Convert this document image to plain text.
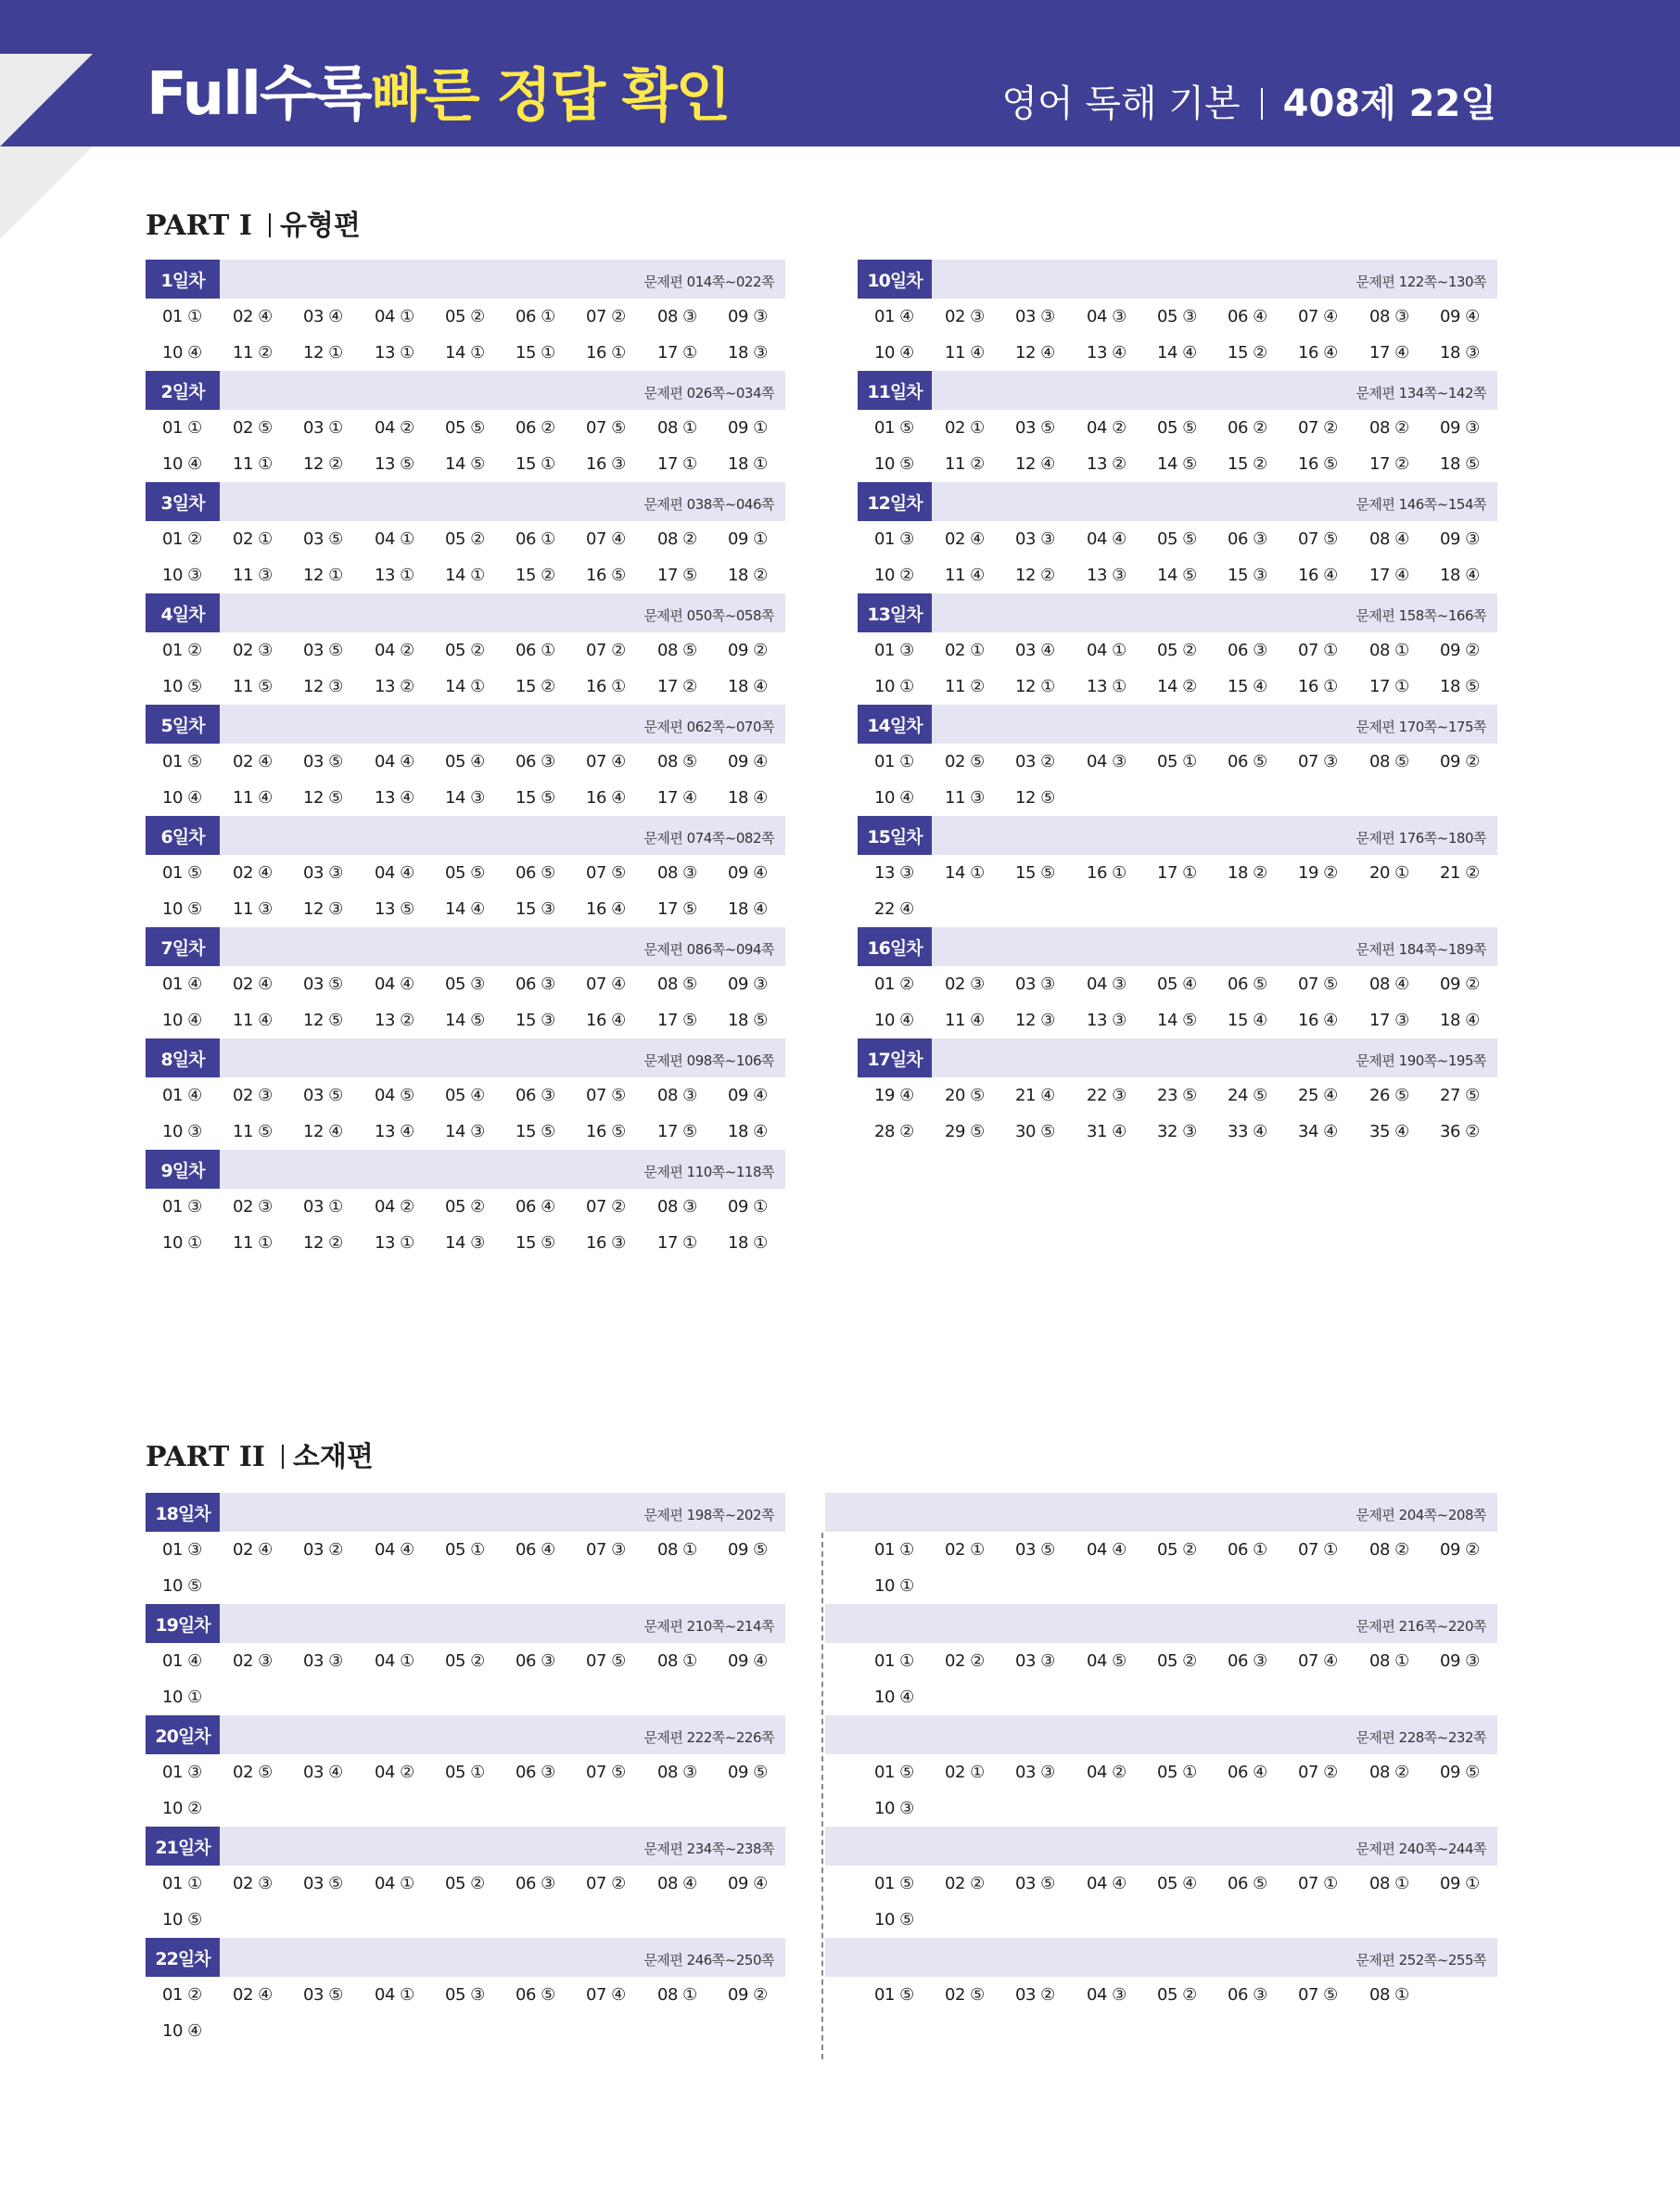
Full수록 빠른 정답 확인	영어 독해 기본 408제 22일
PART I 유형편
PART II 소재편
1일차	문제편 014쪽~022쪽
01 ① 02 ④ 03 ④ 04 ① 05 ② 06 ① 07 ② 08 ③ 09 ③
10 ④ 11 ② 12 ① 13 ① 14 ① 15 ① 16 ① 17 ① 18 ③
2일차	문제편 026쪽~034쪽
01 ① 02 ⑤ 03 ① 04 ② 05 ⑤ 06 ② 07 ⑤ 08 ① 09 ①
10 ④ 11 ① 12 ② 13 ⑤ 14 ⑤ 15 ① 16 ③ 17 ① 18 ①
3일차	문제편 038쪽~046쪽
01 ② 02 ① 03 ⑤ 04 ① 05 ② 06 ① 07 ④ 08 ② 09 ①
10 ③ 11 ③ 12 ① 13 ① 14 ① 15 ② 16 ⑤ 17 ⑤ 18 ②
4일차	문제편 050쪽~058쪽
01 ② 02 ③ 03 ⑤ 04 ② 05 ② 06 ① 07 ② 08 ⑤ 09 ②
10 ⑤ 11 ⑤ 12 ③ 13 ② 14 ① 15 ② 16 ① 17 ② 18 ④
5일차	문제편 062쪽~070쪽
01 ⑤ 02 ④ 03 ⑤ 04 ④ 05 ④ 06 ③ 07 ④ 08 ⑤ 09 ④
10 ④ 11 ④ 12 ⑤ 13 ④ 14 ③ 15 ⑤ 16 ④ 17 ④ 18 ④
6일차	문제편 074쪽~082쪽
01 ⑤ 02 ④ 03 ③ 04 ④ 05 ⑤ 06 ⑤ 07 ⑤ 08 ③ 09 ④
10 ⑤ 11 ③ 12 ③ 13 ⑤ 14 ④ 15 ③ 16 ④ 17 ⑤ 18 ④
7일차	문제편 086쪽~094쪽
01 ④ 02 ④ 03 ⑤ 04 ④ 05 ③ 06 ③ 07 ④ 08 ⑤ 09 ③
10 ④ 11 ④ 12 ⑤ 13 ② 14 ⑤ 15 ③ 16 ④ 17 ⑤ 18 ⑤
8일차	문제편 098쪽~106쪽
01 ④ 02 ③ 03 ⑤ 04 ⑤ 05 ④ 06 ③ 07 ⑤ 08 ③ 09 ④
10 ③ 11 ⑤ 12 ④ 13 ④ 14 ③ 15 ⑤ 16 ⑤ 17 ⑤ 18 ④
9일차	문제편 110쪽~118쪽
01 ③ 02 ③ 03 ① 04 ② 05 ② 06 ④ 07 ② 08 ③ 09 ①
10 ① 11 ① 12 ② 13 ① 14 ③ 15 ⑤ 16 ③ 17 ① 18 ①
10일차	문제편 122쪽~130쪽
01 ④ 02 ③ 03 ③ 04 ③ 05 ③ 06 ④ 07 ④ 08 ③ 09 ④
10 ④ 11 ④ 12 ④ 13 ④ 14 ④ 15 ② 16 ④ 17 ④ 18 ③
11일차	문제편 134쪽~142쪽
01 ⑤ 02 ① 03 ⑤ 04 ② 05 ⑤ 06 ② 07 ② 08 ② 09 ③
10 ⑤ 11 ② 12 ④ 13 ② 14 ⑤ 15 ② 16 ⑤ 17 ② 18 ⑤
12일차	문제편 146쪽~154쪽
01 ③ 02 ④ 03 ③ 04 ④ 05 ⑤ 06 ③ 07 ⑤ 08 ④ 09 ③
10 ② 11 ④ 12 ② 13 ③ 14 ⑤ 15 ③ 16 ④ 17 ④ 18 ④
13일차	문제편 158쪽~166쪽
01 ③ 02 ① 03 ④ 04 ① 05 ② 06 ③ 07 ① 08 ① 09 ②
10 ① 11 ② 12 ① 13 ① 14 ② 15 ④ 16 ① 17 ① 18 ⑤
14일차	문제편 170쪽~175쪽
01 ① 02 ⑤ 03 ② 04 ③ 05 ① 06 ⑤ 07 ③ 08 ⑤ 09 ②
10 ④ 11 ③ 12 ⑤
15일차	문제편 176쪽~180쪽
13 ③ 14 ① 15 ⑤ 16 ① 17 ① 18 ② 19 ② 20 ① 21 ②
22 ④
16일차	문제편 184쪽~189쪽
01 ② 02 ③ 03 ③ 04 ③ 05 ④ 06 ⑤ 07 ⑤ 08 ④ 09 ②
10 ④ 11 ④ 12 ③ 13 ③ 14 ⑤ 15 ④ 16 ④ 17 ③ 18 ④
17일차	문제편 190쪽~195쪽
19 ④ 20 ⑤ 21 ④ 22 ③ 23 ⑤ 24 ⑤ 25 ④ 26 ⑤ 27 ⑤
28 ② 29 ⑤ 30 ⑤ 31 ④ 32 ③ 33 ④ 34 ④ 35 ④ 36 ②
18일차	문제편 198쪽~202쪽
01 ③ 02 ④ 03 ② 04 ④ 05 ① 06 ④ 07 ③ 08 ① 09 ⑤
10 ⑤
19일차	문제편 210쪽~214쪽
01 ④ 02 ③ 03 ③ 04 ① 05 ② 06 ③ 07 ⑤ 08 ① 09 ④
10 ①
20일차	문제편 222쪽~226쪽
01 ③ 02 ⑤ 03 ④ 04 ② 05 ① 06 ③ 07 ⑤ 08 ③ 09 ⑤
10 ②
21일차	문제편 234쪽~238쪽
01 ① 02 ③ 03 ⑤ 04 ① 05 ② 06 ③ 07 ② 08 ④ 09 ④
10 ⑤
22일차	문제편 246쪽~250쪽
01 ② 02 ④ 03 ⑤ 04 ① 05 ③ 06 ⑤ 07 ④ 08 ① 09 ②
10 ④
문제편 204쪽~208쪽
01 ① 02 ① 03 ⑤ 04 ④ 05 ② 06 ① 07 ① 08 ② 09 ②
10 ①
문제편 216쪽~220쪽
01 ① 02 ② 03 ③ 04 ⑤ 05 ② 06 ③ 07 ④ 08 ① 09 ③
10 ④
문제편 228쪽~232쪽
01 ⑤ 02 ① 03 ③ 04 ② 05 ① 06 ④ 07 ② 08 ② 09 ⑤
10 ③
문제편 240쪽~244쪽
01 ⑤ 02 ② 03 ⑤ 04 ④ 05 ④ 06 ⑤ 07 ① 08 ① 09 ①
10 ⑤
문제편 252쪽~255쪽
01 ⑤ 02 ⑤ 03 ② 04 ③ 05 ② 06 ③ 07 ⑤ 08 ①
